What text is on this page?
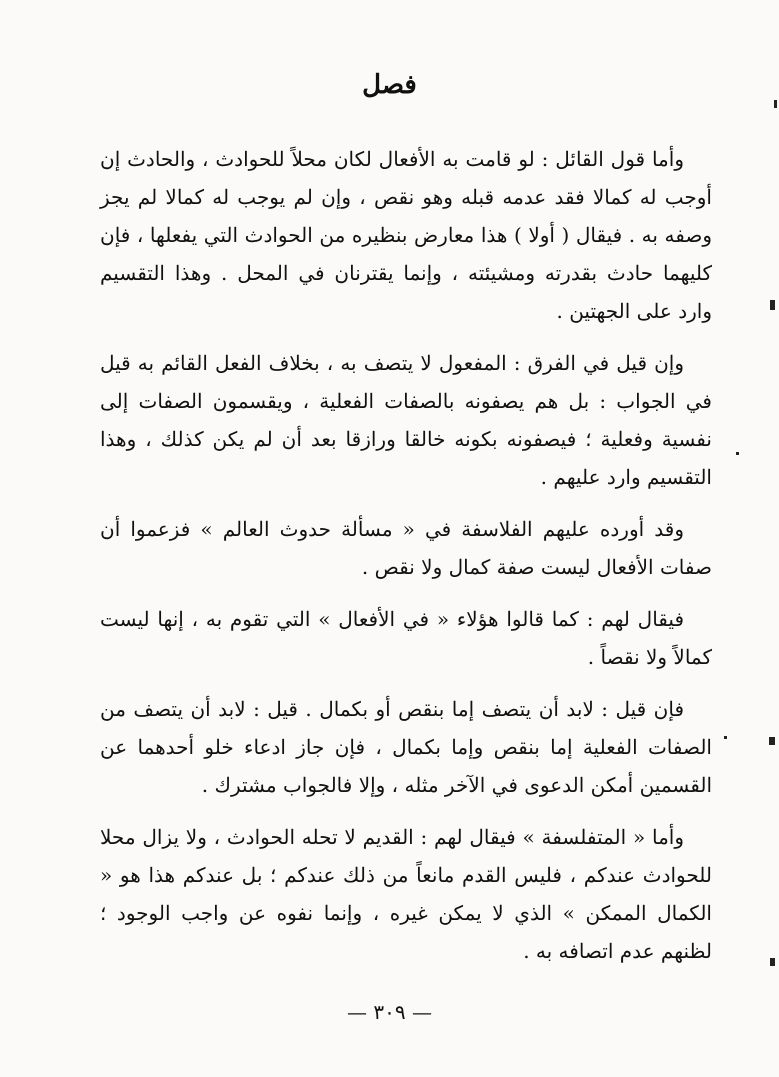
فصل

وأما قول القائل : لو قامت به الأفعال لكان محلاً للحوادث ، والحادث إن أوجب له كمالا فقد عدمه قبله وهو نقص ، وإن لم يوجب له كمالا لم يجز وصفه به . فيقال ( أولا ) هذا معارض بنظيره من الحوادث التي يفعلها ، فإن كليهما حادث بقدرته ومشيئته ، وإنما يقترنان في المحل . وهذا التقسيم وارد على الجهتين .

وإن قيل في الفرق : المفعول لا يتصف به ، بخلاف الفعل القائم به قيل في الجواب : بل هم يصفونه بالصفات الفعلية ، ويقسمون الصفات إلى نفسية وفعلية ؛ فيصفونه بكونه خالقا ورازقا بعد أن لم يكن كذلك ، وهذا التقسيم وارد عليهم .

وقد أورده عليهم الفلاسفة في « مسألة حدوث العالم » فزعموا أن صفات الأفعال ليست صفة كمال ولا نقص .

فيقال لهم : كما قالوا هؤلاء « في الأفعال » التي تقوم به ، إنها ليست كمالاً ولا نقصاً .

فإن قيل : لابد أن يتصف إما بنقص أو بكمال . قيل : لابد أن يتصف من الصفات الفعلية إما بنقص وإما بكمال ، فإن جاز ادعاء خلو أحدهما عن القسمين أمكن الدعوى في الآخر مثله ، وإلا فالجواب مشترك .

وأما « المتفلسفة » فيقال لهم : القديم لا تحله الحوادث ، ولا يزال محلا للحوادث عندكم ، فليس القدم مانعاً من ذلك عندكم ؛ بل عندكم هذا هو « الكمال الممكن » الذي لا يمكن غيره ، وإنما نفوه عن واجب الوجود ؛ لظنهم عدم اتصافه به .

— ٣٠٩ —
